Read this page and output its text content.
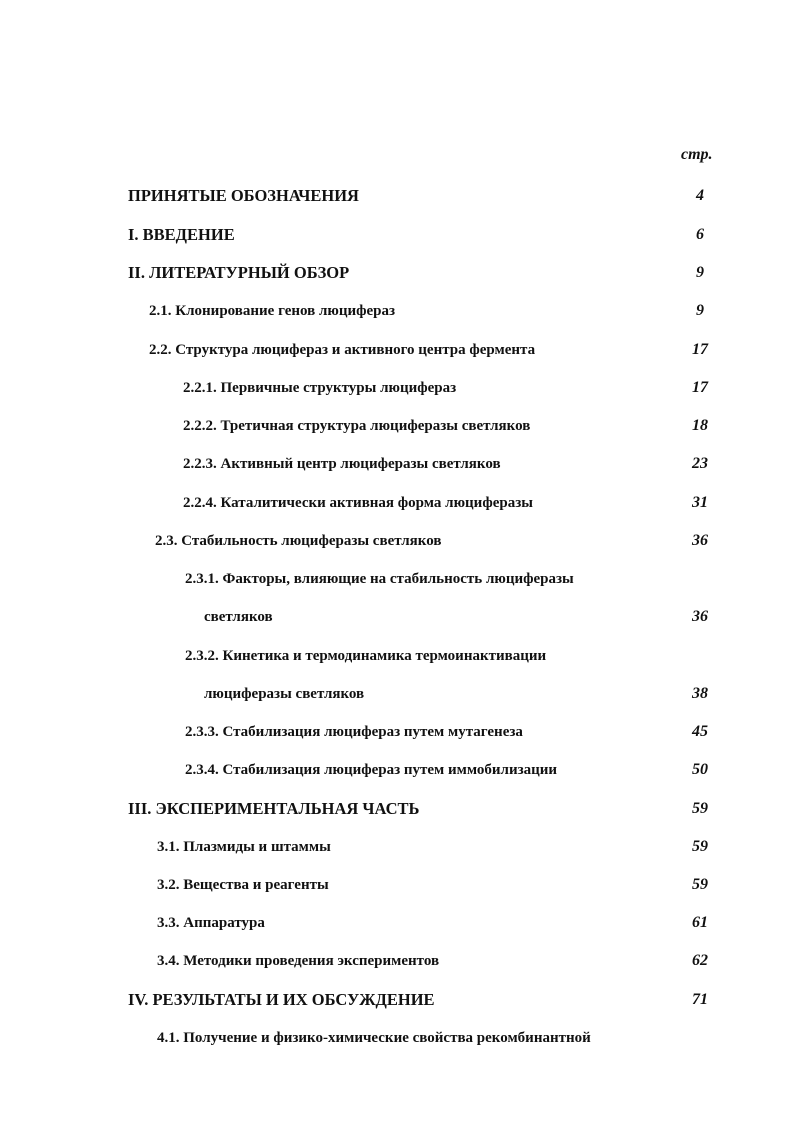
стр.
ПРИНЯТЫЕ ОБОЗНАЧЕНИЯ	4
I. ВВЕДЕНИЕ	6
II. ЛИТЕРАТУРНЫЙ ОБЗОР	9
2.1. Клонирование генов люцифераз	9
2.2. Структура люцифераз и активного центра фермента	17
2.2.1. Первичные структуры люцифераз	17
2.2.2. Третичная структура люциферазы светляков	18
2.2.3. Активный центр люциферазы светляков	23
2.2.4. Каталитически активная форма люциферазы	31
2.3. Стабильность люциферазы светляков	36
2.3.1. Факторы, влияющие на стабильность люциферазы
светляков	36
2.3.2. Кинетика и термодинамика термоинактивации
люциферазы светляков	38
2.3.3. Стабилизация люцифераз путем мутагенеза	45
2.3.4. Стабилизация люцифераз путем иммобилизации	50
III. ЭКСПЕРИМЕНТАЛЬНАЯ ЧАСТЬ	59
3.1. Плазмиды и штаммы	59
3.2. Вещества и реагенты	59
3.3. Аппаратура	61
3.4. Методики проведения экспериментов	62
IV. РЕЗУЛЬТАТЫ И ИХ ОБСУЖДЕНИЕ	71
4.1. Получение и физико-химические свойства рекомбинантной
